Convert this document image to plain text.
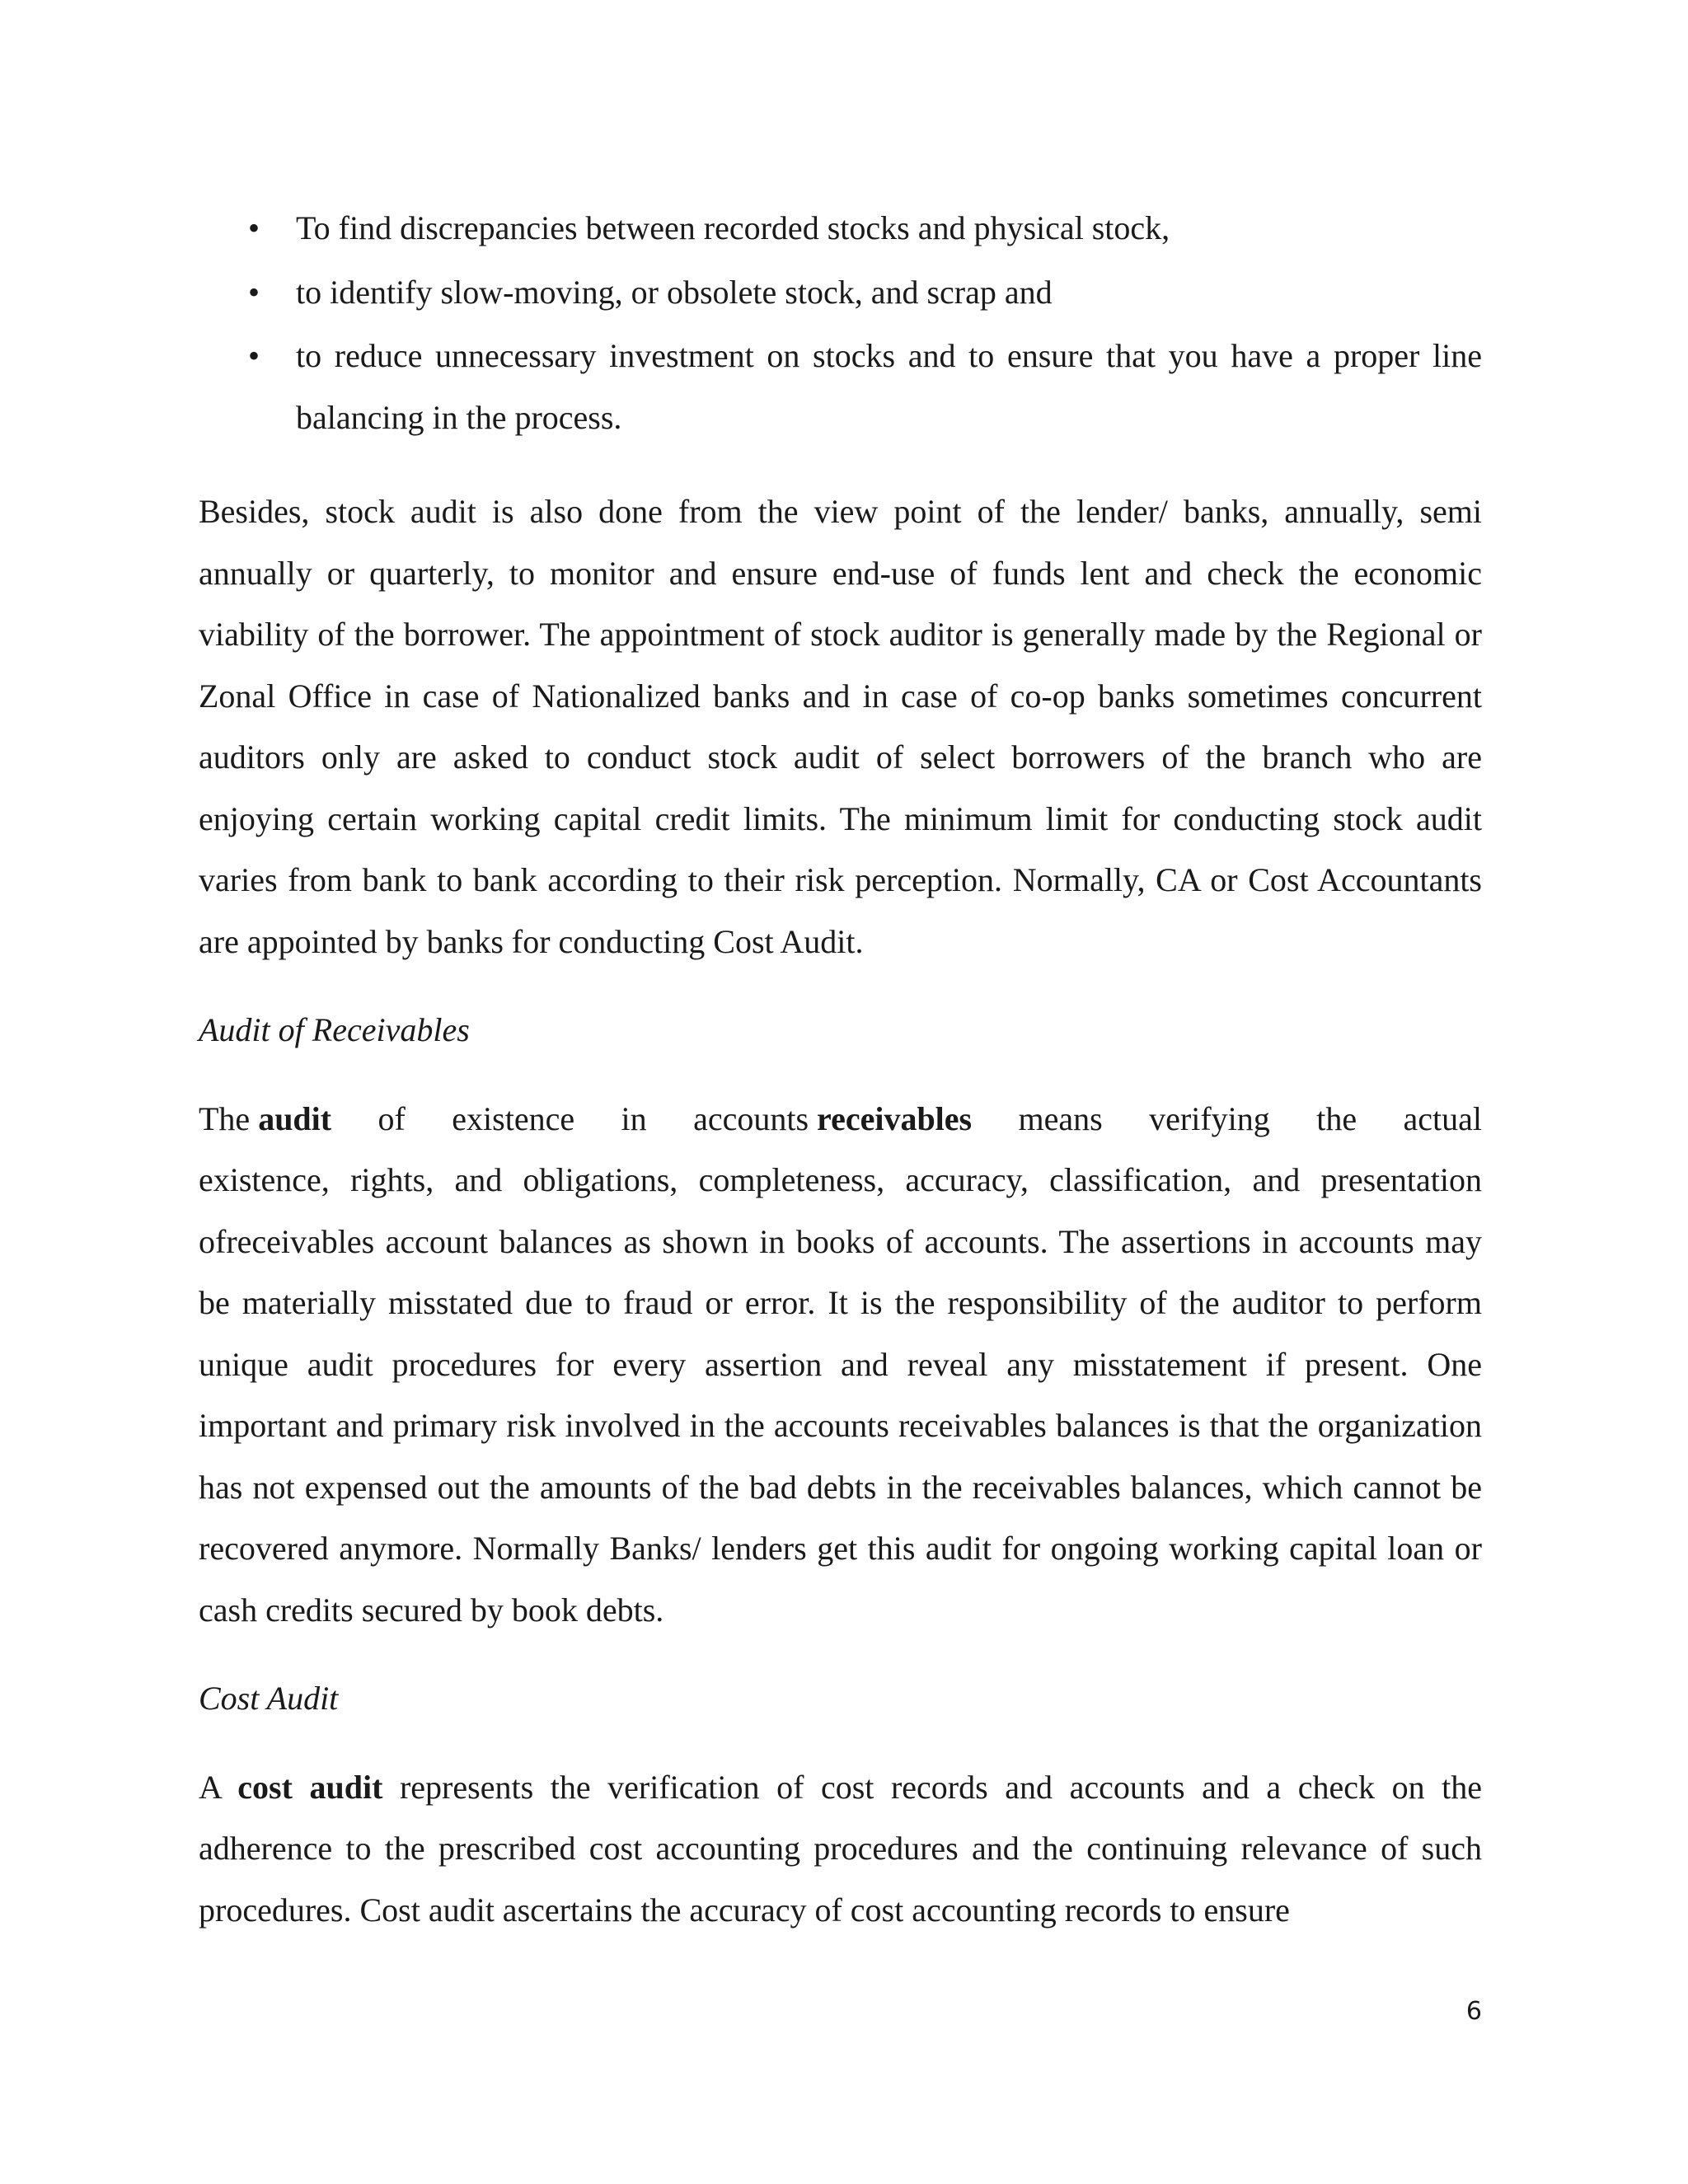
• To find discrepancies between recorded stocks and physical stock,
• to identify slow-moving, or obsolete stock, and scrap and
• to reduce unnecessary investment on stocks and to ensure that you have a proper line balancing in the process.

Besides, stock audit is also done from the view point of the lender/ banks, annually, semi annually or quarterly, to monitor and ensure end-use of funds lent and check the economic viability of the borrower. The appointment of stock auditor is generally made by the Regional or Zonal Office in case of Nationalized banks and in case of co-op banks sometimes concurrent auditors only are asked to conduct stock audit of select borrowers of the branch who are enjoying certain working capital credit limits. The minimum limit for conducting stock audit varies from bank to bank according to their risk perception. Normally, CA or Cost Accountants are appointed by banks for conducting Cost Audit.

Audit of Receivables

The audit of existence in accounts receivables means verifying the actual

existence, rights, and obligations, completeness, accuracy, classification, and presentation ofreceivables account balances as shown in books of accounts. The assertions in accounts may be materially misstated due to fraud or error. It is the responsibility of the auditor to perform unique audit procedures for every assertion and reveal any misstatement if present. One important and primary risk involved in the accounts receivables balances is that the organization has not expensed out the amounts of the bad debts in the receivables balances, which cannot be recovered anymore. Normally Banks/ lenders get this audit for ongoing working capital loan or cash credits secured by book debts.

Cost Audit

A cost audit represents the verification of cost records and accounts and a check on the adherence to the prescribed cost accounting procedures and the continuing relevance of such procedures. Cost audit ascertains the accuracy of cost accounting records to ensure

6
